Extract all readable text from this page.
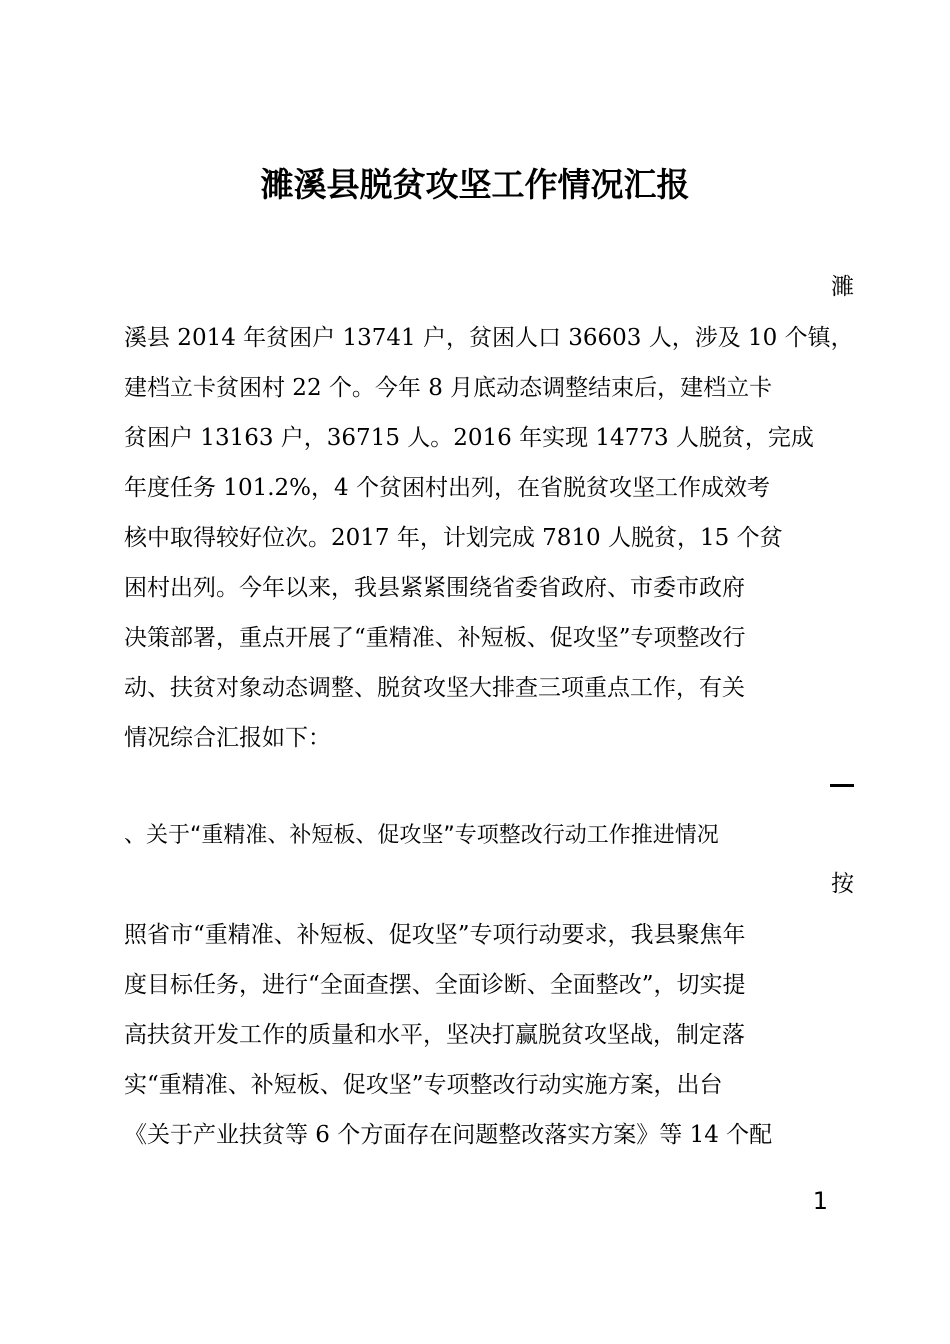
濉溪县脱贫攻坚工作情况汇报
濉
溪县 2014 年贫困户 13741 户，贫困人口 36603 人，涉及 10 个镇，
建档立卡贫困村 22 个。今年 8 月底动态调整结束后，建档立卡
贫困户 13163 户，36715 人。2016 年实现 14773 人脱贫，完成
年度任务 101.2%，4 个贫困村出列，在省脱贫攻坚工作成效考
核中取得较好位次。2017 年，计划完成 7810 人脱贫，15 个贫
困村出列。今年以来，我县紧紧围绕省委省政府、市委市政府
决策部署，重点开展了“重精准、补短板、促攻坚”专项整改行
动、扶贫对象动态调整、脱贫攻坚大排查三项重点工作，有关
情况综合汇报如下：
、关于“重精准、补短板、促攻坚”专项整改行动工作推进情况
按
照省市“重精准、补短板、促攻坚”专项行动要求，我县聚焦年
度目标任务，进行“全面查摆、全面诊断、全面整改”，切实提
高扶贫开发工作的质量和水平，坚决打赢脱贫攻坚战，制定落
实“重精准、补短板、促攻坚”专项整改行动实施方案，出台
《关于产业扶贫等 6 个方面存在问题整改落实方案》等 14 个配
1
